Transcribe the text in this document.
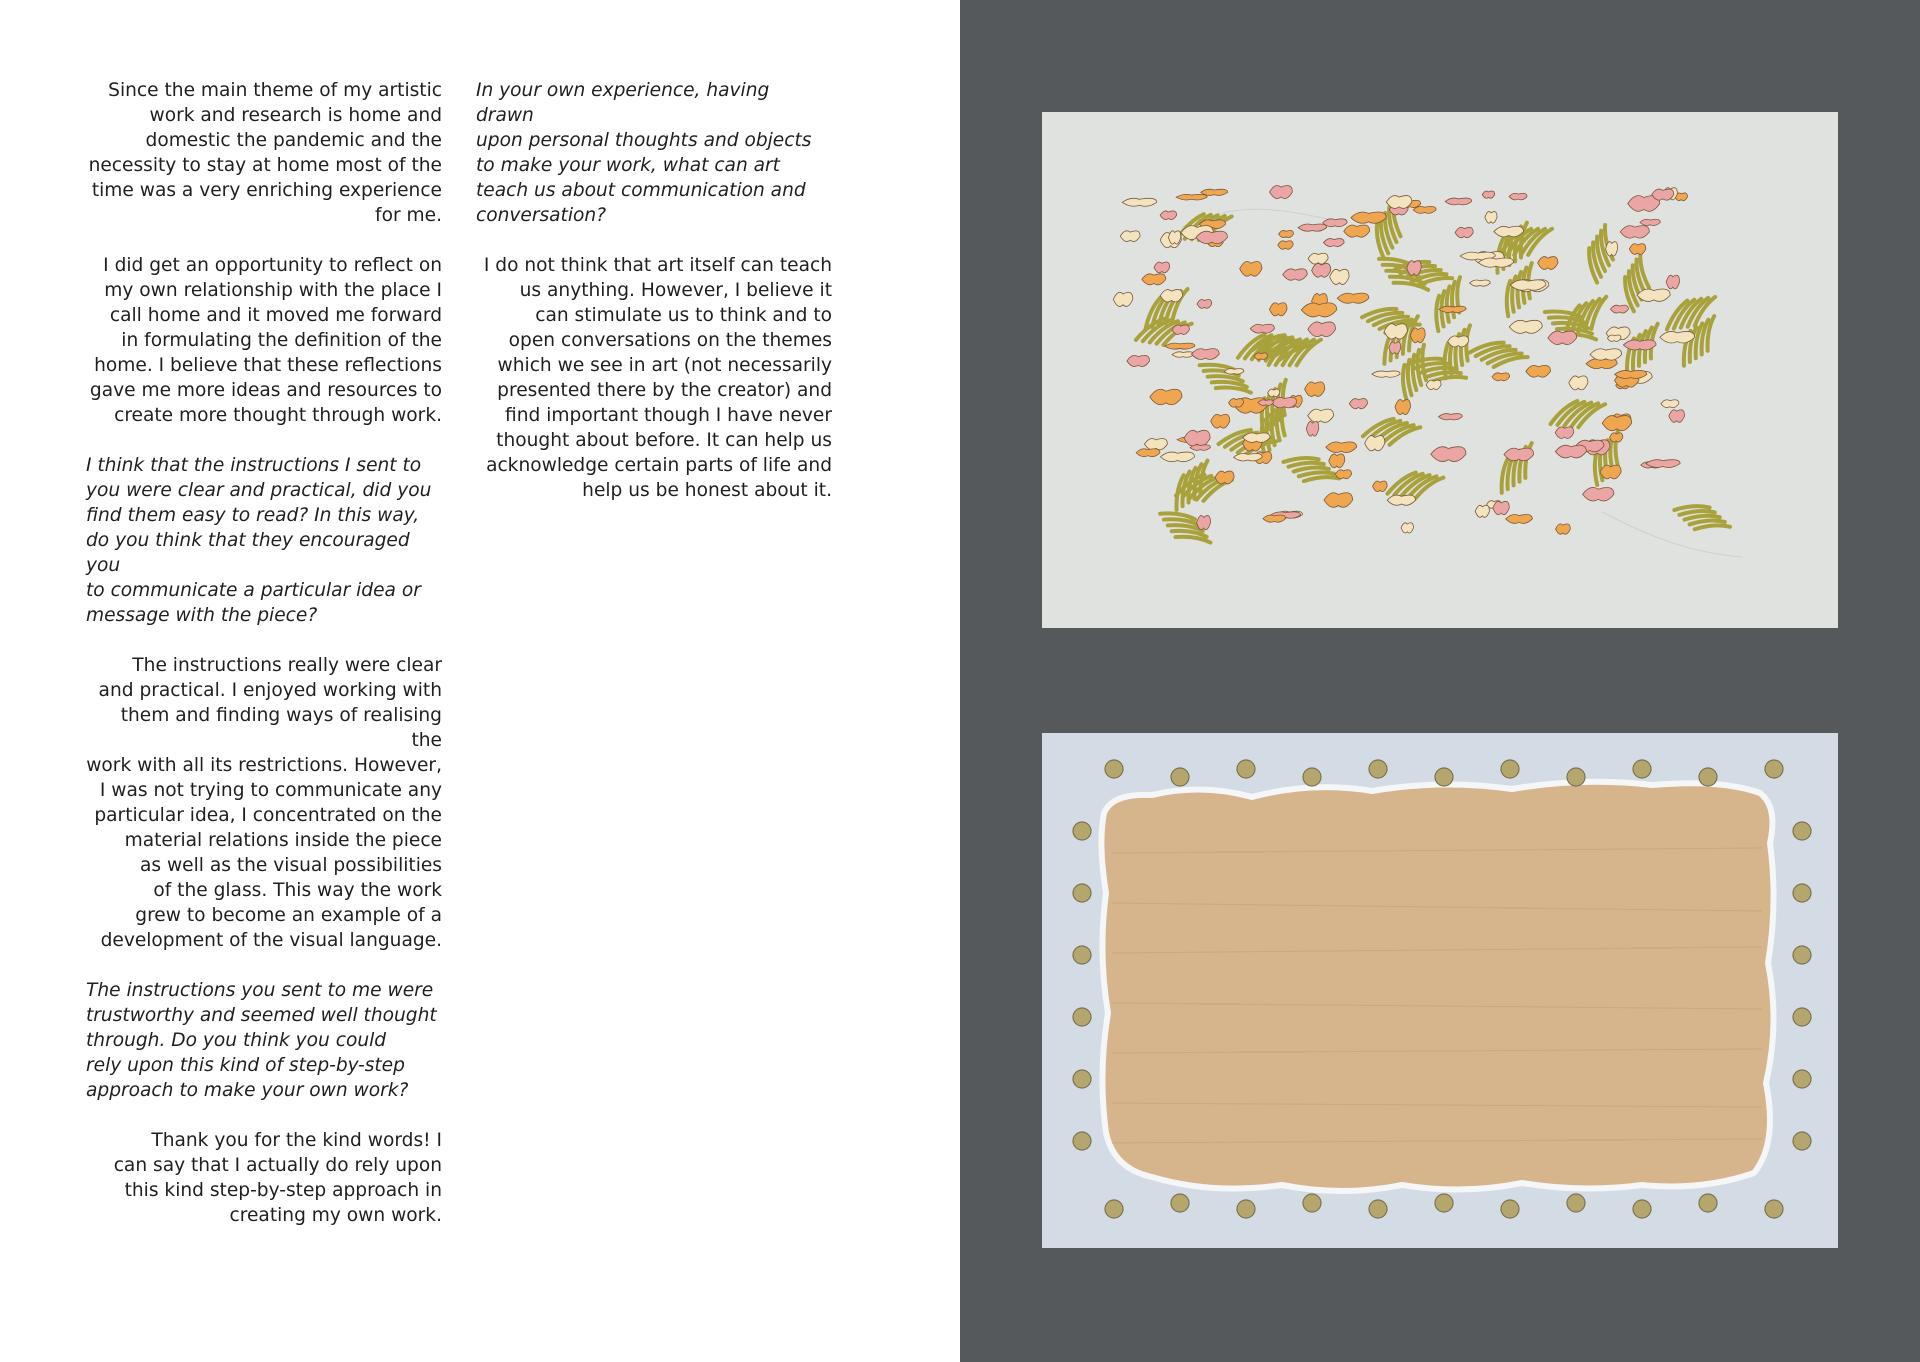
Since the main theme of my artistic
work and research is home and
domestic the pandemic and the
necessity to stay at home most of the
time was a very enriching experience
for me.

I did get an opportunity to reflect on
my own relationship with the place I
call home and it moved me forward
in formulating the definition of the
home. I believe that these reflections
gave me more ideas and resources to
create more thought through work.

I think that the instructions I sent to
you were clear and practical, did you
find them easy to read? In this way,
do you think that they encouraged you
to communicate a particular idea or
message with the piece?

The instructions really were clear
and practical. I enjoyed working with
them and finding ways of realising the
work with all its restrictions. However,
I was not trying to communicate any
particular idea, I concentrated on the
material relations inside the piece
as well as the visual possibilities
of the glass. This way the work
grew to become an example of a
development of the visual language.

The instructions you sent to me were
trustworthy and seemed well thought
through. Do you think you could
rely upon this kind of step-by-step
approach to make your own work?

Thank you for the kind words! I
can say that I actually do rely upon
this kind step-by-step approach in
creating my own work.

In your own experience, having drawn
upon personal thoughts and objects
to make your work, what can art
teach us about communication and
conversation?

I do not think that art itself can teach
us anything. However, I believe it
can stimulate us to think and to
open conversations on the themes
which we see in art (not necessarily
presented there by the creator) and
find important though I have never
thought about before. It can help us
acknowledge certain parts of life and
help us be honest about it.
